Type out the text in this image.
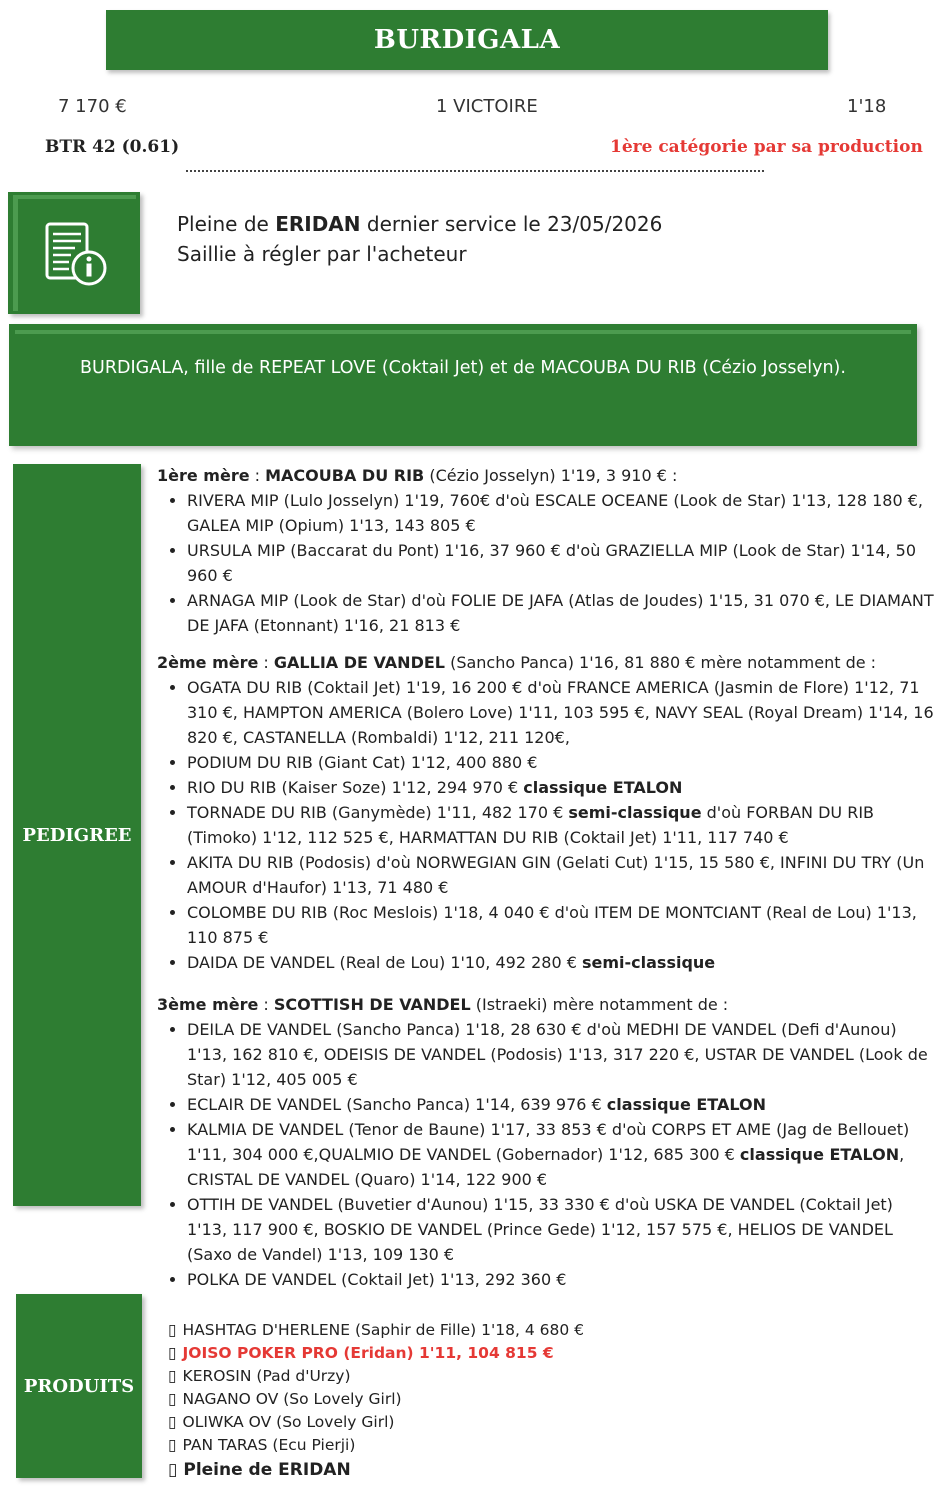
BURDIGALA
7 170 €	1 VICTOIRE	1'18
BTR 42 (0.61)	1ère catégorie par sa production
Pleine de ERIDAN dernier service le 23/05/2026
Saillie à régler par l'acheteur
BURDIGALA, fille de REPEAT LOVE (Coktail Jet) et de MACOUBA DU RIB (Cézio Josselyn).
PEDIGREE

1ère mère : MACOUBA DU RIB (Cézio Josselyn) 1'19, 3 910 € :

• RIVERA MIP (Lulo Josselyn) 1'19, 760€ d'où ESCALE OCEANE (Look de Star) 1'13, 128 180 €, GALEA MIP (Opium) 1'13, 143 805 €
• URSULA MIP (Baccarat du Pont) 1'16, 37 960 € d'où GRAZIELLA MIP (Look de Star) 1'14, 50 960 €
• ARNAGA MIP (Look de Star) d'où FOLIE DE JAFA (Atlas de Joudes) 1'15, 31 070 €, LE DIAMANT DE JAFA (Etonnant) 1'16, 21 813 €

2ème mère : GALLIA DE VANDEL (Sancho Panca) 1'16, 81 880 € mère notamment de :

• OGATA DU RIB (Coktail Jet) 1'19, 16 200 € d'où FRANCE AMERICA (Jasmin de Flore) 1'12, 71 310 €, HAMPTON AMERICA (Bolero Love) 1'11, 103 595 €, NAVY SEAL (Royal Dream) 1'14, 16 820 €, CASTANELLA (Rombaldi) 1'12, 211 120€,
• PODIUM DU RIB (Giant Cat) 1'12, 400 880 €
• RIO DU RIB (Kaiser Soze) 1'12, 294 970 € classique ETALON
• TORNADE DU RIB (Ganymède) 1'11, 482 170 € semi-classique d'où FORBAN DU RIB (Timoko) 1'12, 112 525 €, HARMATTAN DU RIB (Coktail Jet) 1'11, 117 740 €
• AKITA DU RIB (Podosis) d'où NORWEGIAN GIN (Gelati Cut) 1'15, 15 580 €, INFINI DU TRY (Un AMOUR d'Haufor) 1'13, 71 480 €
• COLOMBE DU RIB (Roc Meslois) 1'18, 4 040 € d'où ITEM DE MONTCIANT (Real de Lou) 1'13, 110 875 €
• DAIDA DE VANDEL (Real de Lou) 1'10, 492 280 € semi-classique

3ème mère : SCOTTISH DE VANDEL (Istraeki) mère notamment de :

• DEILA DE VANDEL (Sancho Panca) 1'18, 28 630 € d'où MEDHI DE VANDEL (Defi d'Aunou) 1'13, 162 810 €, ODEISIS DE VANDEL (Podosis) 1'13, 317 220 €, USTAR DE VANDEL (Look de Star) 1'12, 405 005 €
• ECLAIR DE VANDEL (Sancho Panca) 1'14, 639 976 € classique ETALON
• KALMIA DE VANDEL (Tenor de Baune) 1'17, 33 853 € d'où CORPS ET AME (Jag de Bellouet) 1'11, 304 000 €,QUALMIO DE VANDEL (Gobernador) 1'12, 685 300 € classique ETALON, CRISTAL DE VANDEL (Quaro) 1'14, 122 900 €
• OTTIH DE VANDEL (Buvetier d'Aunou) 1'15, 33 330 € d'où USKA DE VANDEL (Coktail Jet) 1'13, 117 900 €, BOSKIO DE VANDEL (Prince Gede) 1'12, 157 575 €, HELIOS DE VANDEL (Saxo de Vandel) 1'13, 109 130 €
• POLKA DE VANDEL (Coktail Jet) 1'13, 292 360 €
PRODUITS
▯ HASHTAG D'HERLENE (Saphir de Fille) 1'18, 4 680 €
▯ JOISO POKER PRO (Eridan) 1'11, 104 815 €
▯ KEROSIN (Pad d'Urzy)
▯ NAGANO OV (So Lovely Girl)
▯ OLIWKA OV (So Lovely Girl)
▯ PAN TARAS (Ecu Pierji)
▯ Pleine de ERIDAN
